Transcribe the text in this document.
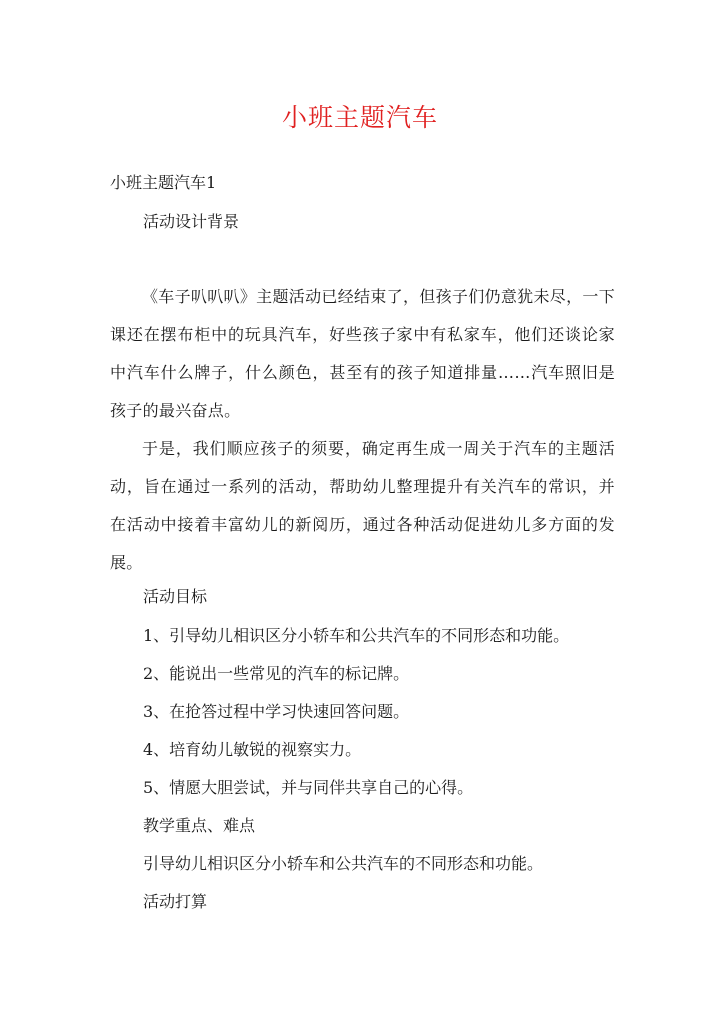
小班主题汽车
小班主题汽车1
活动设计背景
《车子叭叭叭》主题活动已经结束了，但孩子们仍意犹未尽，一下课还在摆布柜中的玩具汽车，好些孩子家中有私家车，他们还谈论家中汽车什么牌子，什么颜色，甚至有的孩子知道排量……汽车照旧是孩子的最兴奋点。
于是，我们顺应孩子的须要，确定再生成一周关于汽车的主题活动，旨在通过一系列的活动，帮助幼儿整理提升有关汽车的常识，并在活动中接着丰富幼儿的新阅历，通过各种活动促进幼儿多方面的发展。
活动目标
1、引导幼儿相识区分小轿车和公共汽车的不同形态和功能。
2、能说出一些常见的汽车的标记牌。
3、在抢答过程中学习快速回答问题。
4、培育幼儿敏锐的视察实力。
5、情愿大胆尝试，并与同伴共享自己的心得。
教学重点、难点
引导幼儿相识区分小轿车和公共汽车的不同形态和功能。
活动打算
